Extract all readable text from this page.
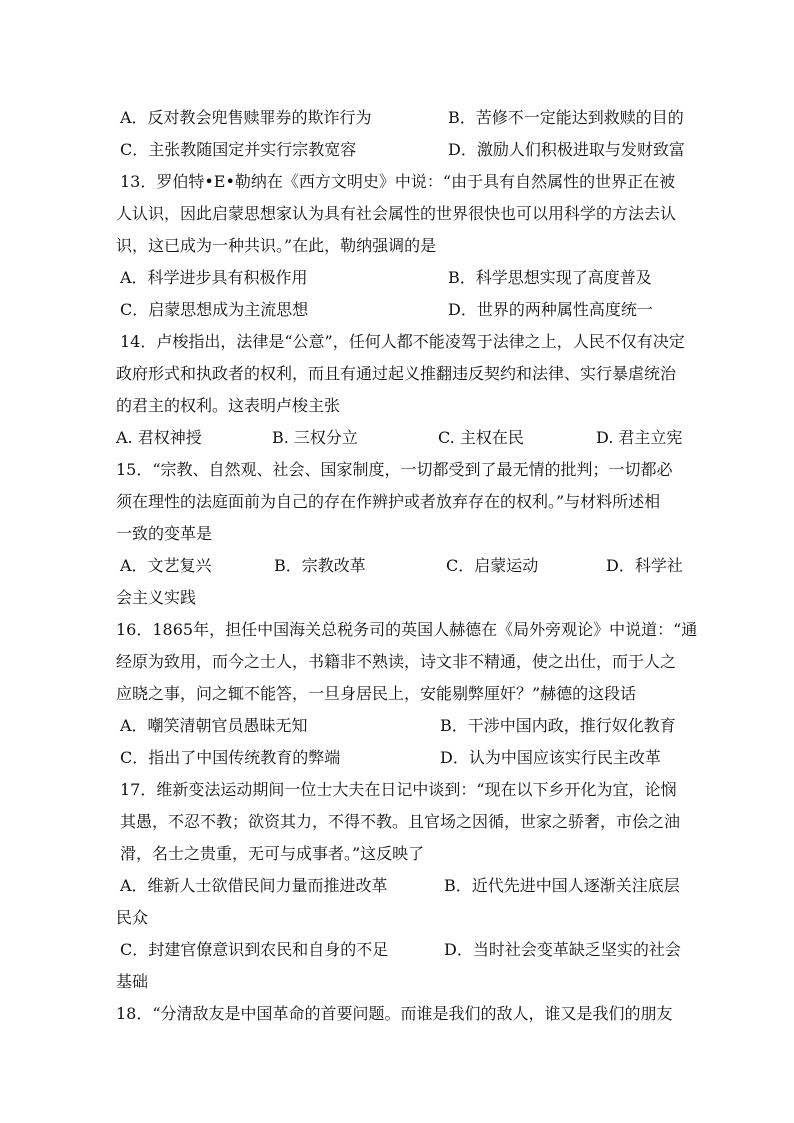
A．反对教会兜售赎罪券的欺诈行为	B．苦修不一定能达到救赎的目的
C．主张教随国定并实行宗教宽容	D．激励人们积极进取与发财致富
13．罗伯特•E•勒纳在《西方文明史》中说：“由于具有自然属性的世界正在被
人认识，因此启蒙思想家认为具有社会属性的世界很快也可以用科学的方法去认
识，这已成为一种共识。”在此，勒纳强调的是
A．科学进步具有积极作用	B．科学思想实现了高度普及
C．启蒙思想成为主流思想	D．世界的两种属性高度统一
14．卢梭指出，法律是“公意”，任何人都不能凌驾于法律之上，人民不仅有决定
政府形式和执政者的权利，而且有通过起义推翻违反契约和法律、实行暴虐统治
的君主的权利。这表明卢梭主张
A. 君权神授	B. 三权分立	C. 主权在民	D. 君主立宪
15．“宗教、自然观、社会、国家制度，一切都受到了最无情的批判；一切都必
须在理性的法庭面前为自己的存在作辨护或者放弃存在的权利。”与材料所述相
一致的变革是
A．文艺复兴	B．宗教改革	C．启蒙运动	D．科学社
会主义实践
16．1865年，担任中国海关总税务司的英国人赫德在《局外旁观论》中说道：“通
经原为致用，而今之士人，书籍非不熟读，诗文非不精通，使之出仕，而于人之
应晓之事，问之辄不能答，一旦身居民上，安能剔弊厘奸？”赫德的这段话
A．嘲笑清朝官员愚昧无知	B．干涉中国内政，推行奴化教育
C．指出了中国传统教育的弊端	D．认为中国应该实行民主改革
17．维新变法运动期间一位士大夫在日记中谈到：“现在以下乡开化为宜，论悯
其愚，不忍不教；欲资其力，不得不教。且官场之因循，世家之骄奢，市侩之油
滑，名士之贵重，无可与成事者。”这反映了
A．维新人士欲借民间力量而推进改革	B．近代先进中国人逐渐关注底层
民众
C．封建官僚意识到农民和自身的不足	D．当时社会变革缺乏坚实的社会
基础
18．“分清敌友是中国革命的首要问题。而谁是我们的敌人，谁又是我们的朋友
